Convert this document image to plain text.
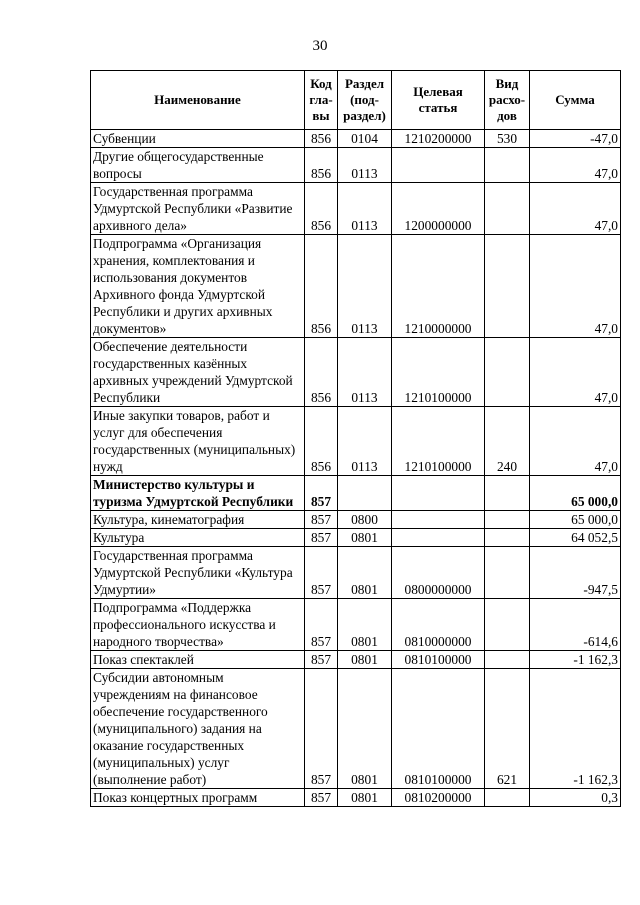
30
Наименование	Код гла-вы	Раздел (под-раздел)	Целевая статья	Вид расхо-дов	Сумма
Субвенции	856	0104	1210200000	530	-47,0
Другие общегосударственные вопросы	856	0113			47,0
Государственная программа Удмуртской Республики «Развитие архивного дела»	856	0113	1200000000		47,0
Подпрограмма «Организация хранения, комплектования и использования документов Архивного фонда Удмуртской Республики и других архивных документов»	856	0113	1210000000		47,0
Обеспечение деятельности государственных казённых архивных учреждений Удмуртской Республики	856	0113	1210100000		47,0
Иные закупки товаров, работ и услуг для обеспечения государственных (муниципальных) нужд	856	0113	1210100000	240	47,0
Министерство культуры и туризма Удмуртской Республики	857				65 000,0
Культура, кинематография	857	0800			65 000,0
Культура	857	0801			64 052,5
Государственная программа Удмуртской Республики «Культура Удмуртии»	857	0801	0800000000		-947,5
Подпрограмма «Поддержка профессионального искусства и народного творчества»	857	0801	0810000000		-614,6
Показ спектаклей	857	0801	0810100000		-1 162,3
Субсидии автономным учреждениям на финансовое обеспечение государственного (муниципального) задания на оказание государственных (муниципальных) услуг (выполнение работ)	857	0801	0810100000	621	-1 162,3
Показ концертных программ	857	0801	0810200000		0,3
